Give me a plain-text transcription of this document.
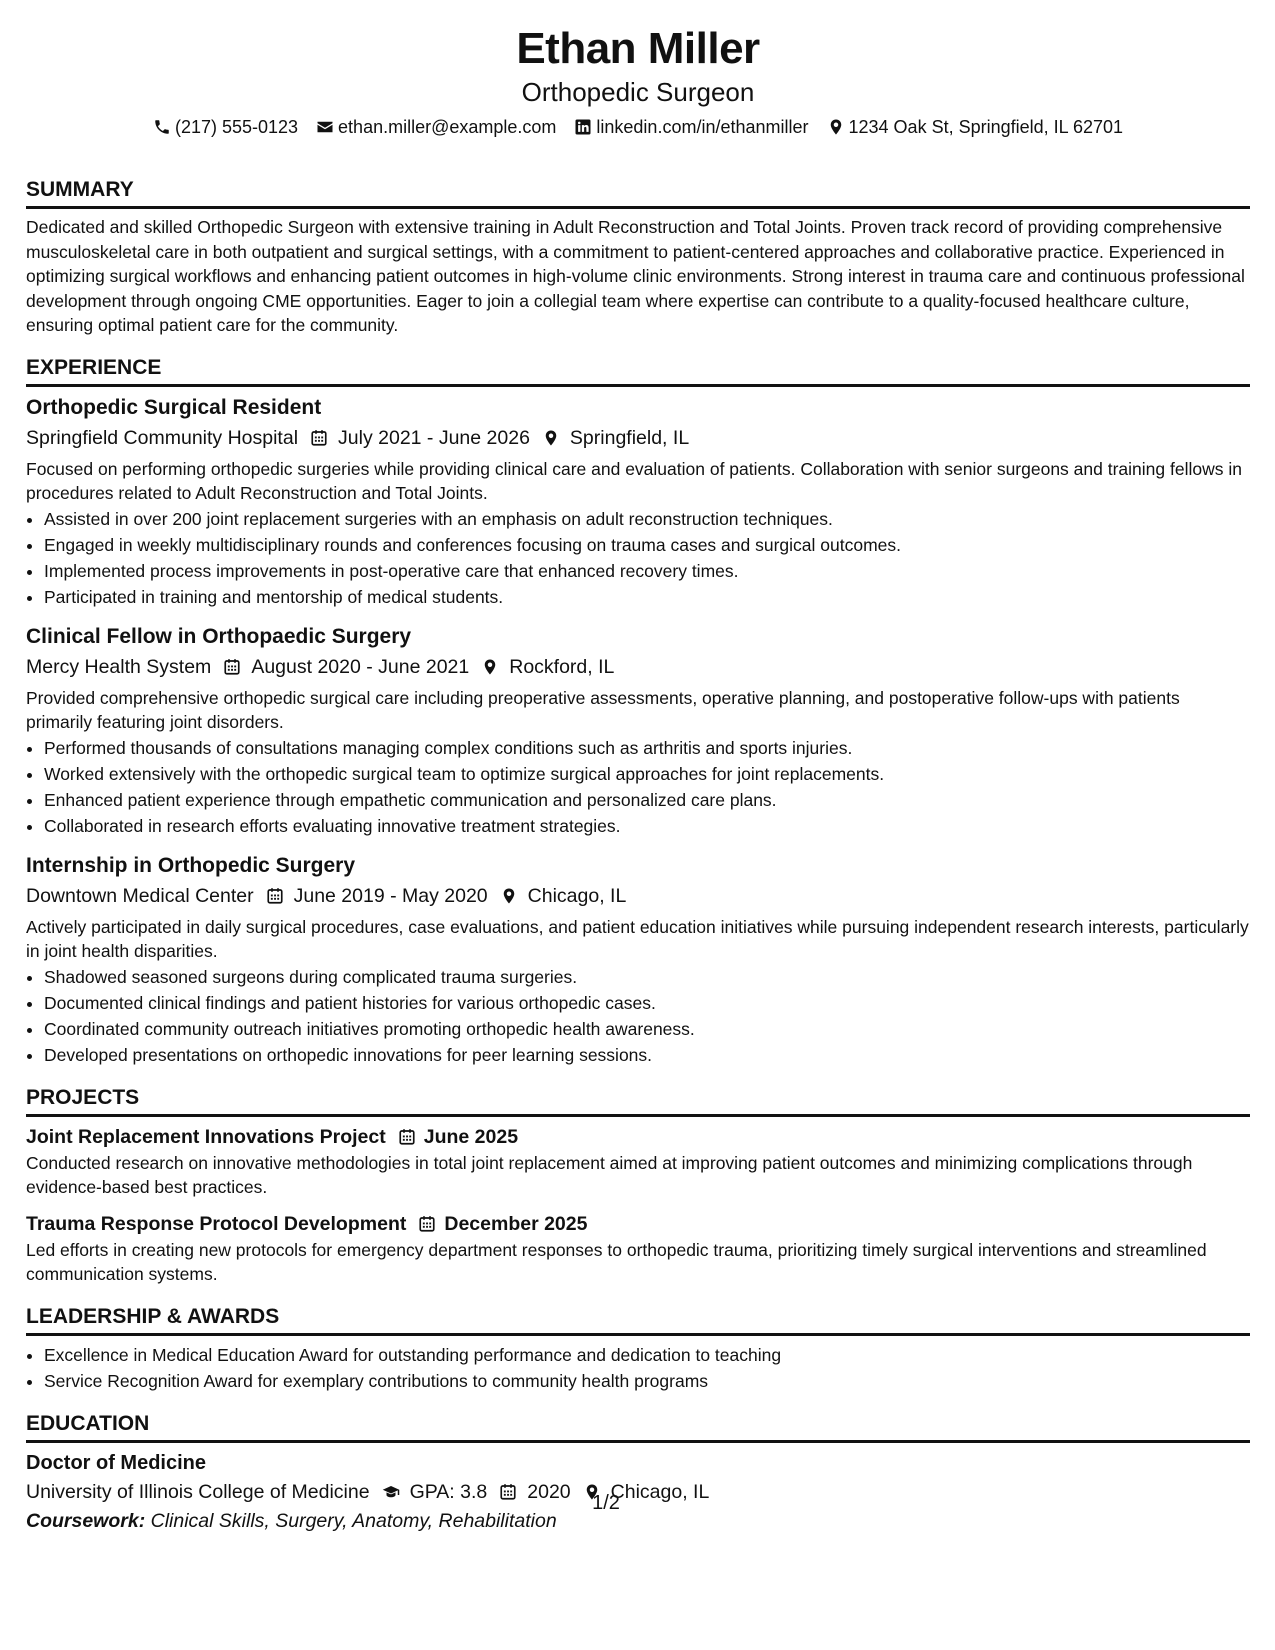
Ethan Miller
Orthopedic Surgeon
(217) 555-0123 ethan.miller@example.com linkedin.com/in/ethanmiller 1234 Oak St, Springfield, IL 62701
SUMMARY
Dedicated and skilled Orthopedic Surgeon with extensive training in Adult Reconstruction and Total Joints. Proven track record of providing comprehensive musculoskeletal care in both outpatient and surgical settings, with a commitment to patient-centered approaches and collaborative practice. Experienced in optimizing surgical workflows and enhancing patient outcomes in high-volume clinic environments. Strong interest in trauma care and continuous professional development through ongoing CME opportunities. Eager to join a collegial team where expertise can contribute to a quality-focused healthcare culture, ensuring optimal patient care for the community.
EXPERIENCE
Orthopedic Surgical Resident
Springfield Community Hospital July 2021 - June 2026 Springfield, IL
Focused on performing orthopedic surgeries while providing clinical care and evaluation of patients. Collaboration with senior surgeons and training fellows in procedures related to Adult Reconstruction and Total Joints.
• Assisted in over 200 joint replacement surgeries with an emphasis on adult reconstruction techniques.
• Engaged in weekly multidisciplinary rounds and conferences focusing on trauma cases and surgical outcomes.
• Implemented process improvements in post-operative care that enhanced recovery times.
• Participated in training and mentorship of medical students.
Clinical Fellow in Orthopaedic Surgery
Mercy Health System August 2020 - June 2021 Rockford, IL
Provided comprehensive orthopedic surgical care including preoperative assessments, operative planning, and postoperative follow-ups with patients primarily featuring joint disorders.
• Performed thousands of consultations managing complex conditions such as arthritis and sports injuries.
• Worked extensively with the orthopedic surgical team to optimize surgical approaches for joint replacements.
• Enhanced patient experience through empathetic communication and personalized care plans.
• Collaborated in research efforts evaluating innovative treatment strategies.
Internship in Orthopedic Surgery
Downtown Medical Center June 2019 - May 2020 Chicago, IL
Actively participated in daily surgical procedures, case evaluations, and patient education initiatives while pursuing independent research interests, particularly in joint health disparities.
• Shadowed seasoned surgeons during complicated trauma surgeries.
• Documented clinical findings and patient histories for various orthopedic cases.
• Coordinated community outreach initiatives promoting orthopedic health awareness.
• Developed presentations on orthopedic innovations for peer learning sessions.
PROJECTS
Joint Replacement Innovations Project June 2025
Conducted research on innovative methodologies in total joint replacement aimed at improving patient outcomes and minimizing complications through evidence-based best practices.
Trauma Response Protocol Development December 2025
Led efforts in creating new protocols for emergency department responses to orthopedic trauma, prioritizing timely surgical interventions and streamlined communication systems.
LEADERSHIP & AWARDS
• Excellence in Medical Education Award for outstanding performance and dedication to teaching
• Service Recognition Award for exemplary contributions to community health programs
EDUCATION
Doctor of Medicine
University of Illinois College of Medicine GPA: 3.8 2020 Chicago, IL
Coursework: Clinical Skills, Surgery, Anatomy, Rehabilitation
1/2
